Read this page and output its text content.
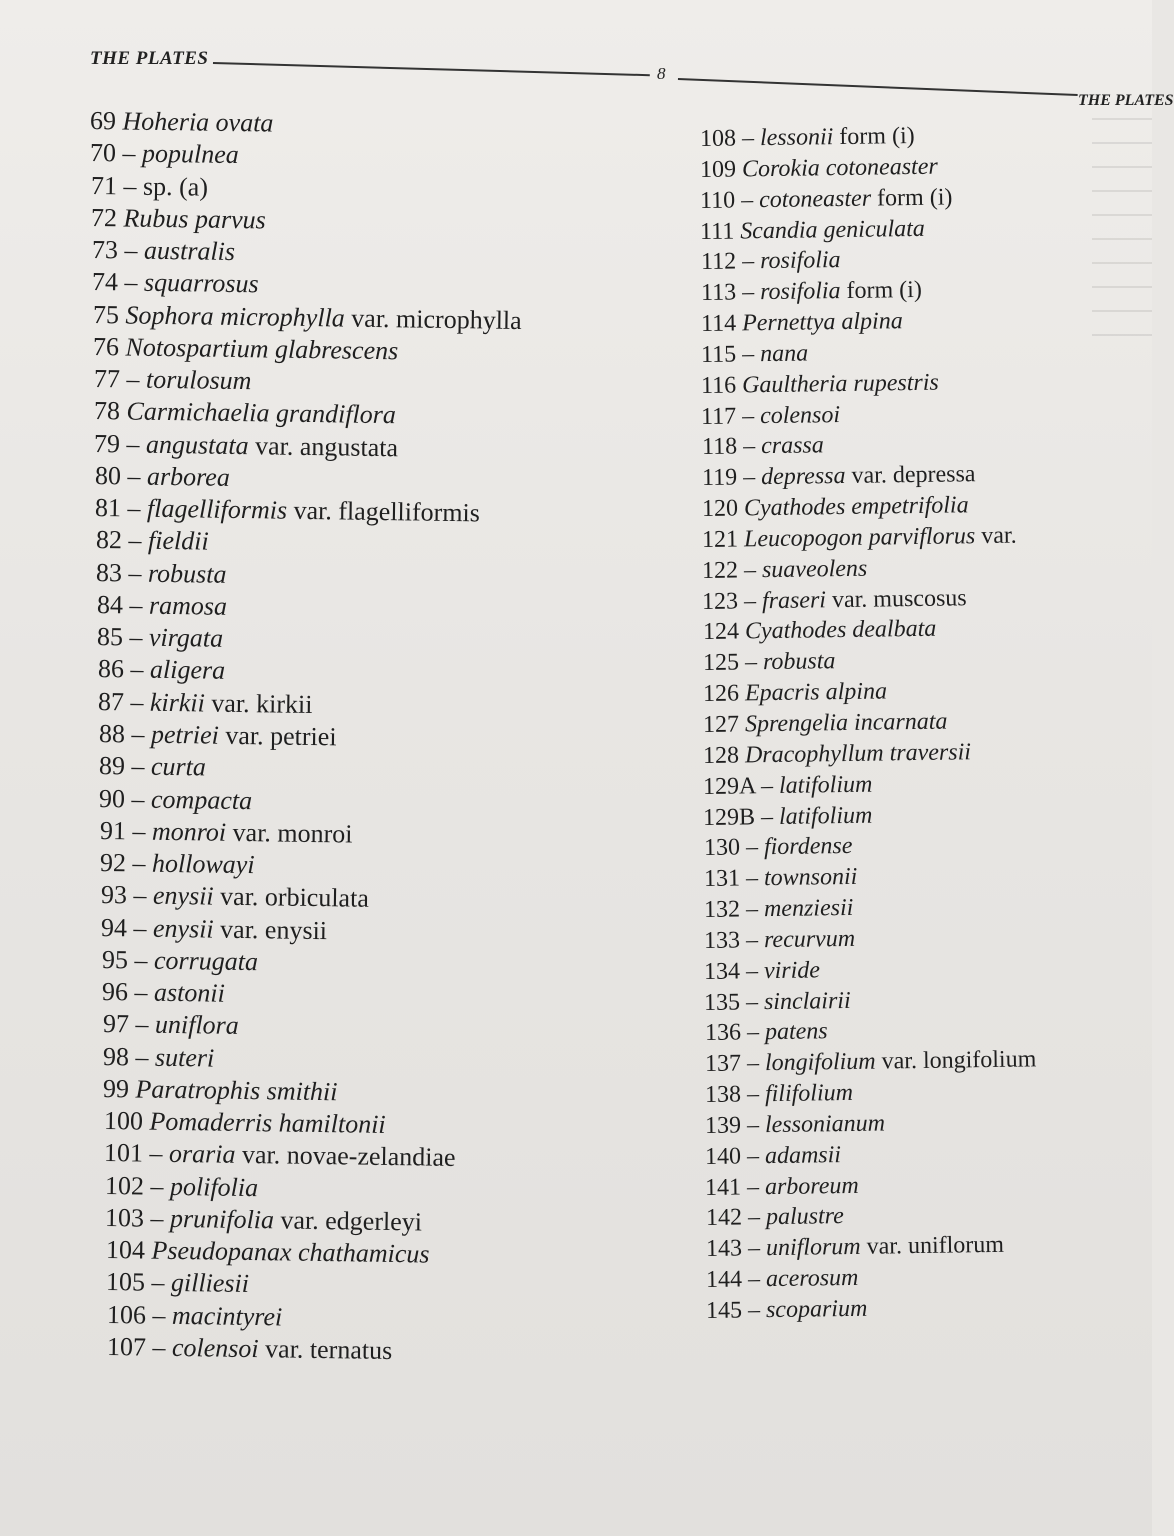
THE PLATES
8
THE PLATES
69 Hoheria ovata
70 – populnea
71 – sp. (a)
72 Rubus parvus
73 – australis
74 – squarrosus
75 Sophora microphylla var. microphylla
76 Notospartium glabrescens
77 – torulosum
78 Carmichaelia grandiflora
79 – angustata var. angustata
80 – arborea
81 – flagelliformis var. flagelliformis
82 – fieldii
83 – robusta
84 – ramosa
85 – virgata
86 – aligera
87 – kirkii var. kirkii
88 – petriei var. petriei
89 – curta
90 – compacta
91 – monroi var. monroi
92 – hollowayi
93 – enysii var. orbiculata
94 – enysii var. enysii
95 – corrugata
96 – astonii
97 – uniflora
98 – suteri
99 Paratrophis smithii
100 Pomaderris hamiltonii
101 – oraria var. novae-zelandiae
102 – polifolia
103 – prunifolia var. edgerleyi
104 Pseudopanax chathamicus
105 – gilliesii
106 – macintyrei
107 – colensoi var. ternatus
108 – lessonii form (i)
109 Corokia cotoneaster
110 – cotoneaster form (i)
111 Scandia geniculata
112 – rosifolia
113 – rosifolia form (i)
114 Pernettya alpina
115 – nana
116 Gaultheria rupestris
117 – colensoi
118 – crassa
119 – depressa var. depressa
120 Cyathodes empetrifolia
121 Leucopogon parviflorus var.
122 – suaveolens
123 – fraseri var. muscosus
124 Cyathodes dealbata
125 – robusta
126 Epacris alpina
127 Sprengelia incarnata
128 Dracophyllum traversii
129A – latifolium
129B – latifolium
130 – fiordense
131 – townsonii
132 – menziesii
133 – recurvum
134 – viride
135 – sinclairii
136 – patens
137 – longifolium var. longifolium
138 – filifolium
139 – lessonianum
140 – adamsii
141 – arboreum
142 – palustre
143 – uniflorum var. uniflorum
144 – acerosum
145 – scoparium
